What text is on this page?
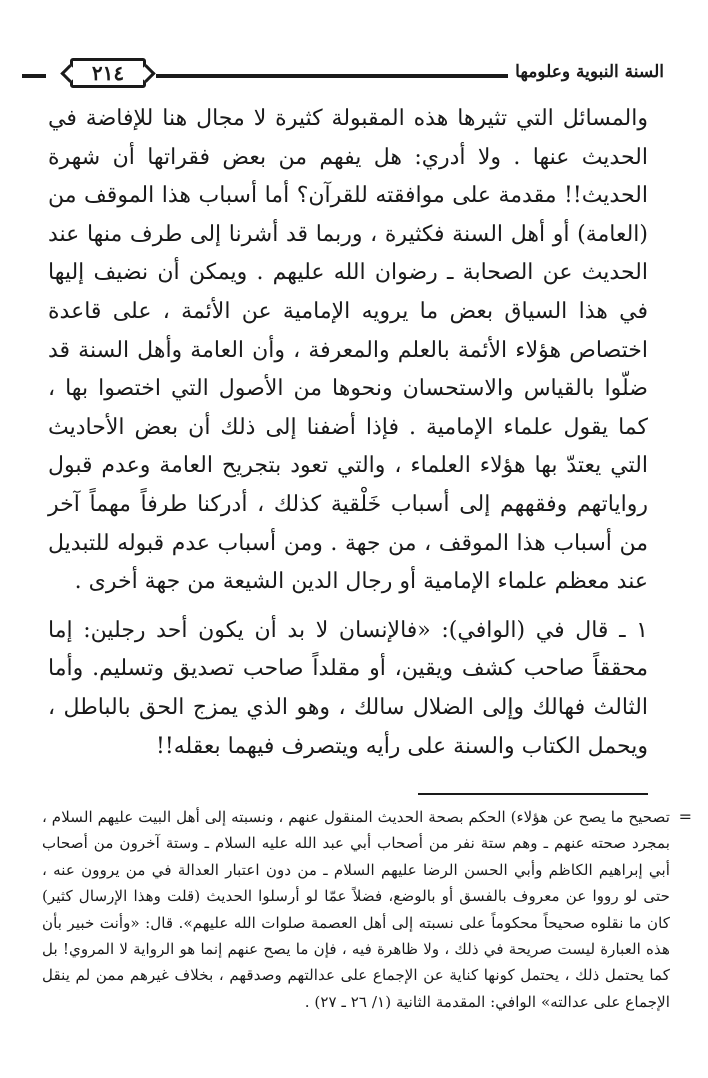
السنة النبوية وعلومها
٢١٤

والمسائل التي تثيرها هذه المقبولة كثيرة لا مجال هنا للإفاضة في الحديث عنها . ولا أدري: هل يفهم من بعض فقراتها أن شهرة الحديث!! مقدمة على موافقته للقرآن؟ أما أسباب هذا الموقف من (العامة) أو أهل السنة فكثيرة ، وربما قد أشرنا إلى طرف منها عند الحديث عن الصحابة ـ رضوان الله عليهم . ويمكن أن نضيف إليها في هذا السياق بعض ما يرويه الإمامية عن الأئمة ، على قاعدة اختصاص هؤلاء الأئمة بالعلم والمعرفة ، وأن العامة وأهل السنة قد ضلّوا بالقياس والاستحسان ونحوها من الأصول التي اختصوا بها ، كما يقول علماء الإمامية . فإذا أضفنا إلى ذلك أن بعض الأحاديث التي يعتدّ بها هؤلاء العلماء ، والتي تعود بتجريح العامة وعدم قبول رواياتهم وفقههم إلى أسباب خَلْقية كذلك ، أدركنا طرفاً مهماً آخر من أسباب هذا الموقف ، من جهة . ومن أسباب عدم قبوله للتبديل عند معظم علماء الإمامية أو رجال الدين الشيعة من جهة أخرى .

١ ـ قال في (الوافي): «فالإنسان لا بد أن يكون أحد رجلين: إما محققاً صاحب كشف ويقين، أو مقلداً صاحب تصديق وتسليم. وأما الثالث فهالك وإلى الضلال سالك ، وهو الذي يمزج الحق بالباطل ، ويحمل الكتاب والسنة على رأيه ويتصرف فيهما بعقله!!

=

تصحيح ما يصح عن هؤلاء) الحكم بصحة الحديث المنقول عنهم ، ونسبته إلى أهل البيت عليهم السلام ، بمجرد صحته عنهم ـ وهم ستة نفر من أصحاب أبي عبد الله عليه السلام ـ وستة آخرون من أصحاب أبي إبراهيم الكاظم وأبي الحسن الرضا عليهم السلام ـ من دون اعتبار العدالة في من يروون عنه ، حتى لو رووا عن معروف بالفسق أو بالوضع، فضلاً عمّا لو أرسلوا الحديث (قلت وهذا الإرسال كثير) كان ما نقلوه صحيحاً محكوماً على نسبته إلى أهل العصمة صلوات الله عليهم». قال: «وأنت خبير بأن هذه العبارة ليست صريحة في ذلك ، ولا ظاهرة فيه ، فإن ما يصح عنهم إنما هو الرواية لا المروي! بل كما يحتمل ذلك ، يحتمل كونها كناية عن الإجماع على عدالتهم وصدقهم ، بخلاف غيرهم ممن لم ينقل الإجماع على عدالته» الوافي: المقدمة الثانية (١/ ٢٦ ـ ٢٧) .
